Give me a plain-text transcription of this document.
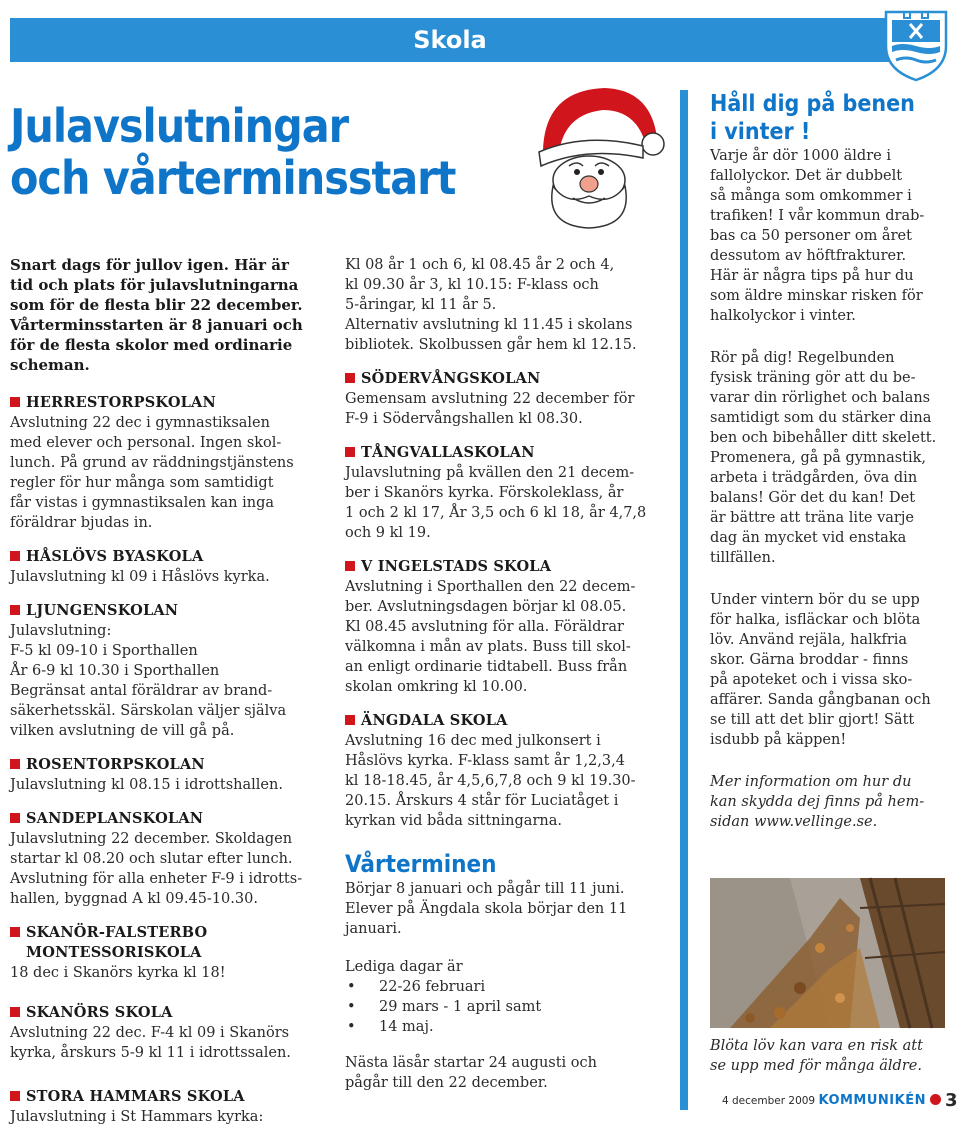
Skola
Julavslutningar
och vårterminsstart
Snart dags för jullov igen. Här är
tid och plats för julavslutningarna
som för de flesta blir 22 december.
Vårterminsstarten är 8 januari och
för de flesta skolor med ordinarie
scheman.
HERRESTORPSKOLAN
Avslutning 22 dec i gymnastiksalen
med elever och personal. Ingen skol-
lunch. På grund av räddningstjänstens
regler för hur många som samtidigt
får vistas i gymnastiksalen kan inga
föräldrar bjudas in.
HÅSLÖVS BYASKOLA
Julavslutning kl 09 i Håslövs kyrka.
LJUNGENSKOLAN
Julavslutning:
F-5 kl 09-10 i Sporthallen
År 6-9 kl 10.30 i Sporthallen
Begränsat antal föräldrar av brand-
säkerhetsskäl. Särskolan väljer själva
vilken avslutning de vill gå på.
ROSENTORPSKOLAN
Julavslutning kl 08.15 i idrottshallen.
SANDEPLANSKOLAN
Julavslutning 22 december. Skoldagen
startar kl 08.20 och slutar efter lunch.
Avslutning för alla enheter F-9 i idrotts-
hallen, byggnad A kl 09.45-10.30.
SKANÖR-FALSTERBO
MONTESSORISKOLA
18 dec i Skanörs kyrka kl 18!
SKANÖRS SKOLA
Avslutning 22 dec. F-4 kl 09 i Skanörs
kyrka, årskurs 5-9 kl 11 i idrottssalen.
STORA HAMMARS SKOLA
Julavslutning i St Hammars kyrka:
Kl 08 år 1 och 6, kl 08.45 år 2 och 4,
kl 09.30 år 3, kl 10.15: F-klass och
5-åringar, kl 11 år 5.
Alternativ avslutning kl 11.45 i skolans
bibliotek. Skolbussen går hem kl 12.15.
SÖDERVÅNGSKOLAN
Gemensam avslutning 22 december för
F-9 i Södervångshallen kl 08.30.
TÅNGVALLASKOLAN
Julavslutning på kvällen den 21 decem-
ber i Skanörs kyrka. Förskoleklass, år
1 och 2 kl 17, År 3,5 och 6 kl 18, år 4,7,8
och 9 kl 19.
V INGELSTADS SKOLA
Avslutning i Sporthallen den 22 decem-
ber. Avslutningsdagen börjar kl 08.05.
Kl 08.45 avslutning för alla. Föräldrar
välkomna i mån av plats. Buss till skol-
an enligt ordinarie tidtabell. Buss från
skolan omkring kl 10.00.
ÄNGDALA SKOLA
Avslutning 16 dec med julkonsert i
Håslövs kyrka. F-klass samt år 1,2,3,4
kl 18-18.45, år 4,5,6,7,8 och 9 kl 19.30-
20.15. Årskurs 4 står för Luciatåget i
kyrkan vid båda sittningarna.
Vårterminen
Börjar 8 januari och pågår till 11 juni.
Elever på Ängdala skola börjar den 11
januari.
Lediga dagar är
• 22-26 februari
• 29 mars - 1 april samt
• 14 maj.
Nästa läsår startar 24 augusti och
pågår till den 22 december.
Håll dig på benen
i vinter !
Varje år dör 1000 äldre i
fallolyckor. Det är dubbelt
så många som omkommer i
trafiken! I vår kommun drab-
bas ca 50 personer om året
dessutom av höftfrakturer.
Här är några tips på hur du
som äldre minskar risken för
halkolyckor i vinter.
Rör på dig! Regelbunden
fysisk träning gör att du be-
varar din rörlighet och balans
samtidigt som du stärker dina
ben och bibehåller ditt skelett.
Promenera, gå på gymnastik,
arbeta i trädgården, öva din
balans! Gör det du kan! Det
är bättre att träna lite varje
dag än mycket vid enstaka
tillfällen.
Under vintern bör du se upp
för halka, isfläckar och blöta
löv. Använd rejäla, halkfria
skor. Gärna broddar - finns
på apoteket och i vissa sko-
affärer. Sanda gångbanan och
se till att det blir gjort! Sätt
isdubb på käppen!
Mer information om hur du
kan skydda dej finns på hem-
sidan www.vellinge.se.
Blöta löv kan vara en risk att
se upp med för många äldre.
4 december 2009 KOMMUNIKÉN 3
